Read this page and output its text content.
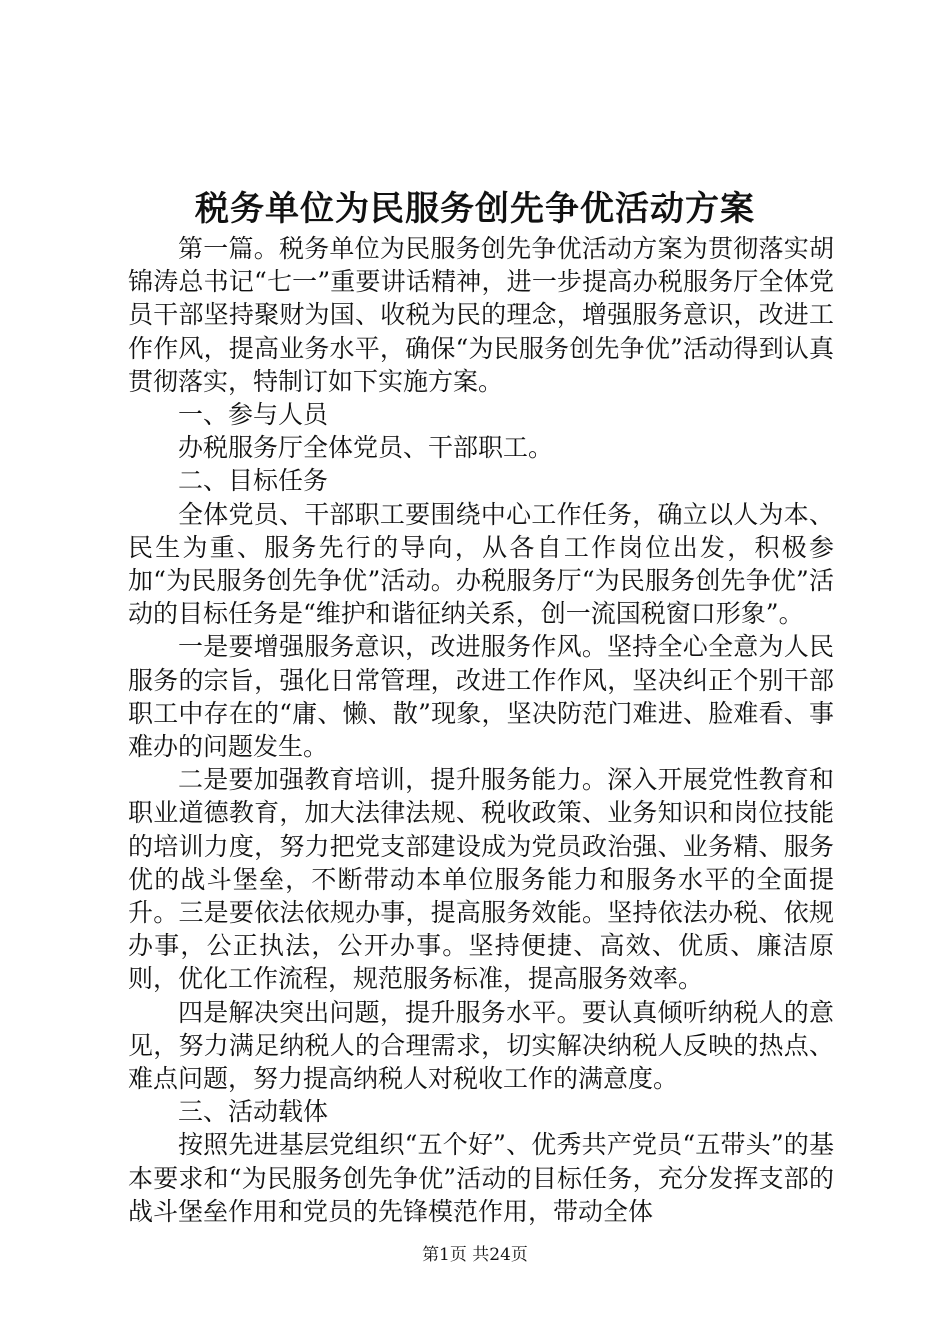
税务单位为民服务创先争优活动方案

第一篇。税务单位为民服务创先争优活动方案为贯彻落实胡锦涛总书记“七一”重要讲话精神，进一步提高办税服务厅全体党员干部坚持聚财为国、收税为民的理念，增强服务意识，改进工作作风，提高业务水平，确保“为民服务创先争优”活动得到认真贯彻落实，特制订如下实施方案。

一、参与人员

办税服务厅全体党员、干部职工。

二、目标任务

全体党员、干部职工要围绕中心工作任务，确立以人为本、民生为重、服务先行的导向，从各自工作岗位出发，积极参加“为民服务创先争优”活动。办税服务厅“为民服务创先争优”活动的目标任务是“维护和谐征纳关系，创一流国税窗口形象”。

一是要增强服务意识，改进服务作风。坚持全心全意为人民服务的宗旨，强化日常管理，改进工作作风，坚决纠正个别干部职工中存在的“庸、懒、散”现象，坚决防范门难进、脸难看、事难办的问题发生。

二是要加强教育培训，提升服务能力。深入开展党性教育和职业道德教育，加大法律法规、税收政策、业务知识和岗位技能的培训力度，努力把党支部建设成为党员政治强、业务精、服务优的战斗堡垒，不断带动本单位服务能力和服务水平的全面提升。三是要依法依规办事，提高服务效能。坚持依法办税、依规办事，公正执法，公开办事。坚持便捷、高效、优质、廉洁原则，优化工作流程，规范服务标准，提高服务效率。

四是解决突出问题，提升服务水平。要认真倾听纳税人的意见，努力满足纳税人的合理需求，切实解决纳税人反映的热点、难点问题，努力提高纳税人对税收工作的满意度。

三、活动载体

按照先进基层党组织“五个好”、优秀共产党员“五带头”的基本要求和“为民服务创先争优”活动的目标任务，充分发挥支部的战斗堡垒作用和党员的先锋模范作用，带动全体

第1页 共24页
